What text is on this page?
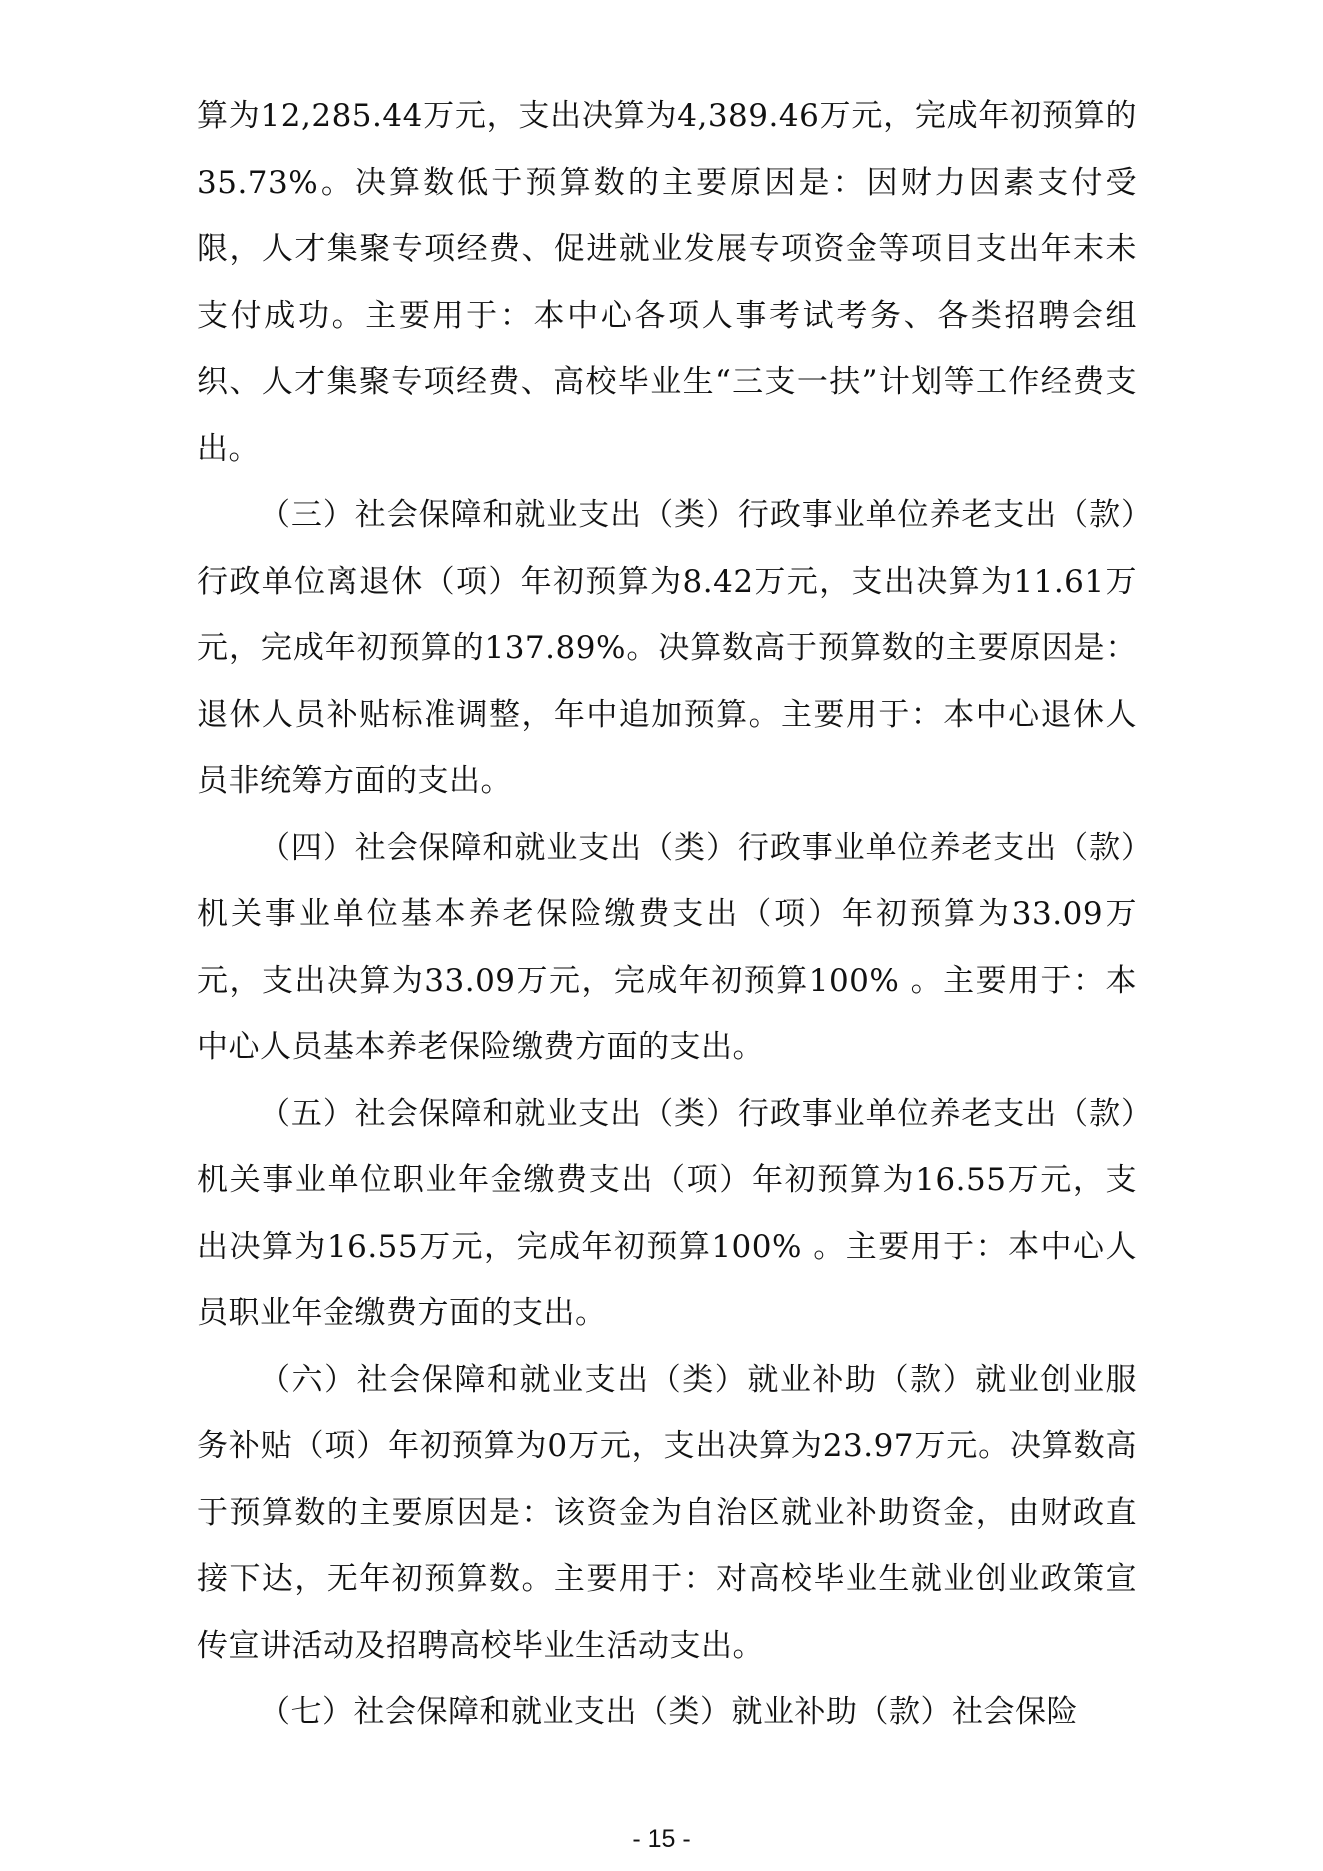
算为12,285.44万元，支出决算为4,389.46万元，完成年初预算的35.73%。决算数低于预算数的主要原因是：因财力因素支付受限，人才集聚专项经费、促进就业发展专项资金等项目支出年末未支付成功。主要用于：本中心各项人事考试考务、各类招聘会组织、人才集聚专项经费、高校毕业生“三支一扶”计划等工作经费支出。

（三）社会保障和就业支出（类）行政事业单位养老支出（款）行政单位离退休（项）年初预算为8.42万元，支出决算为11.61万元，完成年初预算的137.89%。决算数高于预算数的主要原因是：退休人员补贴标准调整，年中追加预算。主要用于：本中心退休人员非统筹方面的支出。

（四）社会保障和就业支出（类）行政事业单位养老支出（款）机关事业单位基本养老保险缴费支出（项）年初预算为33.09万元，支出决算为33.09万元，完成年初预算100% 。主要用于：本中心人员基本养老保险缴费方面的支出。

（五）社会保障和就业支出（类）行政事业单位养老支出（款）机关事业单位职业年金缴费支出（项）年初预算为16.55万元，支出决算为16.55万元，完成年初预算100% 。主要用于：本中心人员职业年金缴费方面的支出。

（六）社会保障和就业支出（类）就业补助（款）就业创业服务补贴（项）年初预算为0万元，支出决算为23.97万元。决算数高于预算数的主要原因是：该资金为自治区就业补助资金，由财政直接下达，无年初预算数。主要用于：对高校毕业生就业创业政策宣传宣讲活动及招聘高校毕业生活动支出。

（七）社会保障和就业支出（类）就业补助（款）社会保险

- 15 -
